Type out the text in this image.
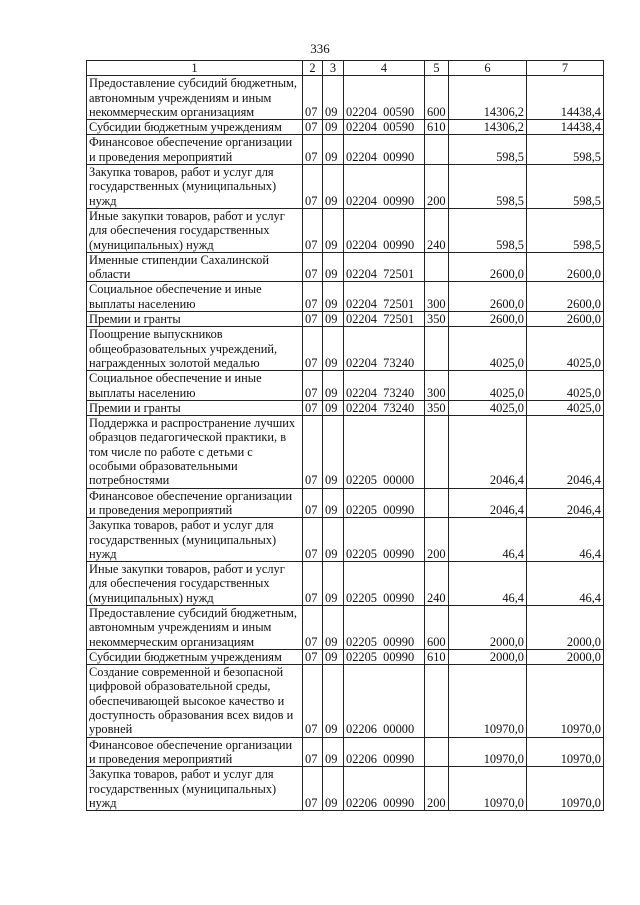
336
1	2	3	4	5	6	7
Предоставление субсидий бюджетным, автономным учреждениям и иным некоммерческим организациям	07	09	02204  00590	600	14306,2	14438,4
Субсидии бюджетным учреждениям	07	09	02204  00590	610	14306,2	14438,4
Финансовое обеспечение организации и проведения мероприятий	07	09	02204  00990		598,5	598,5
Закупка товаров, работ и услуг для государственных (муниципальных) нужд	07	09	02204  00990	200	598,5	598,5
Иные закупки товаров, работ и услуг для обеспечения государственных (муниципальных) нужд	07	09	02204  00990	240	598,5	598,5
Именные стипендии Сахалинской области	07	09	02204  72501		2600,0	2600,0
Социальное обеспечение и иные выплаты населению	07	09	02204  72501	300	2600,0	2600,0
Премии и гранты	07	09	02204  72501	350	2600,0	2600,0
Поощрение выпускников общеобразовательных учреждений, награжденных золотой медалью	07	09	02204  73240		4025,0	4025,0
Социальное обеспечение и иные выплаты населению	07	09	02204  73240	300	4025,0	4025,0
Премии и гранты	07	09	02204  73240	350	4025,0	4025,0
Поддержка и распространение лучших образцов педагогической практики, в том числе по работе с детьми с особыми образовательными потребностями	07	09	02205  00000		2046,4	2046,4
Финансовое обеспечение организации и проведения мероприятий	07	09	02205  00990		2046,4	2046,4
Закупка товаров, работ и услуг для государственных (муниципальных) нужд	07	09	02205  00990	200	46,4	46,4
Иные закупки товаров, работ и услуг для обеспечения государственных (муниципальных) нужд	07	09	02205  00990	240	46,4	46,4
Предоставление субсидий бюджетным, автономным учреждениям и иным некоммерческим организациям	07	09	02205  00990	600	2000,0	2000,0
Субсидии бюджетным учреждениям	07	09	02205  00990	610	2000,0	2000,0
Создание современной и безопасной цифровой образовательной среды, обеспечивающей высокое качество и доступность образования всех видов и уровней	07	09	02206  00000		10970,0	10970,0
Финансовое обеспечение организации и проведения мероприятий	07	09	02206  00990		10970,0	10970,0
Закупка товаров, работ и услуг для государственных (муниципальных) нужд	07	09	02206  00990	200	10970,0	10970,0
